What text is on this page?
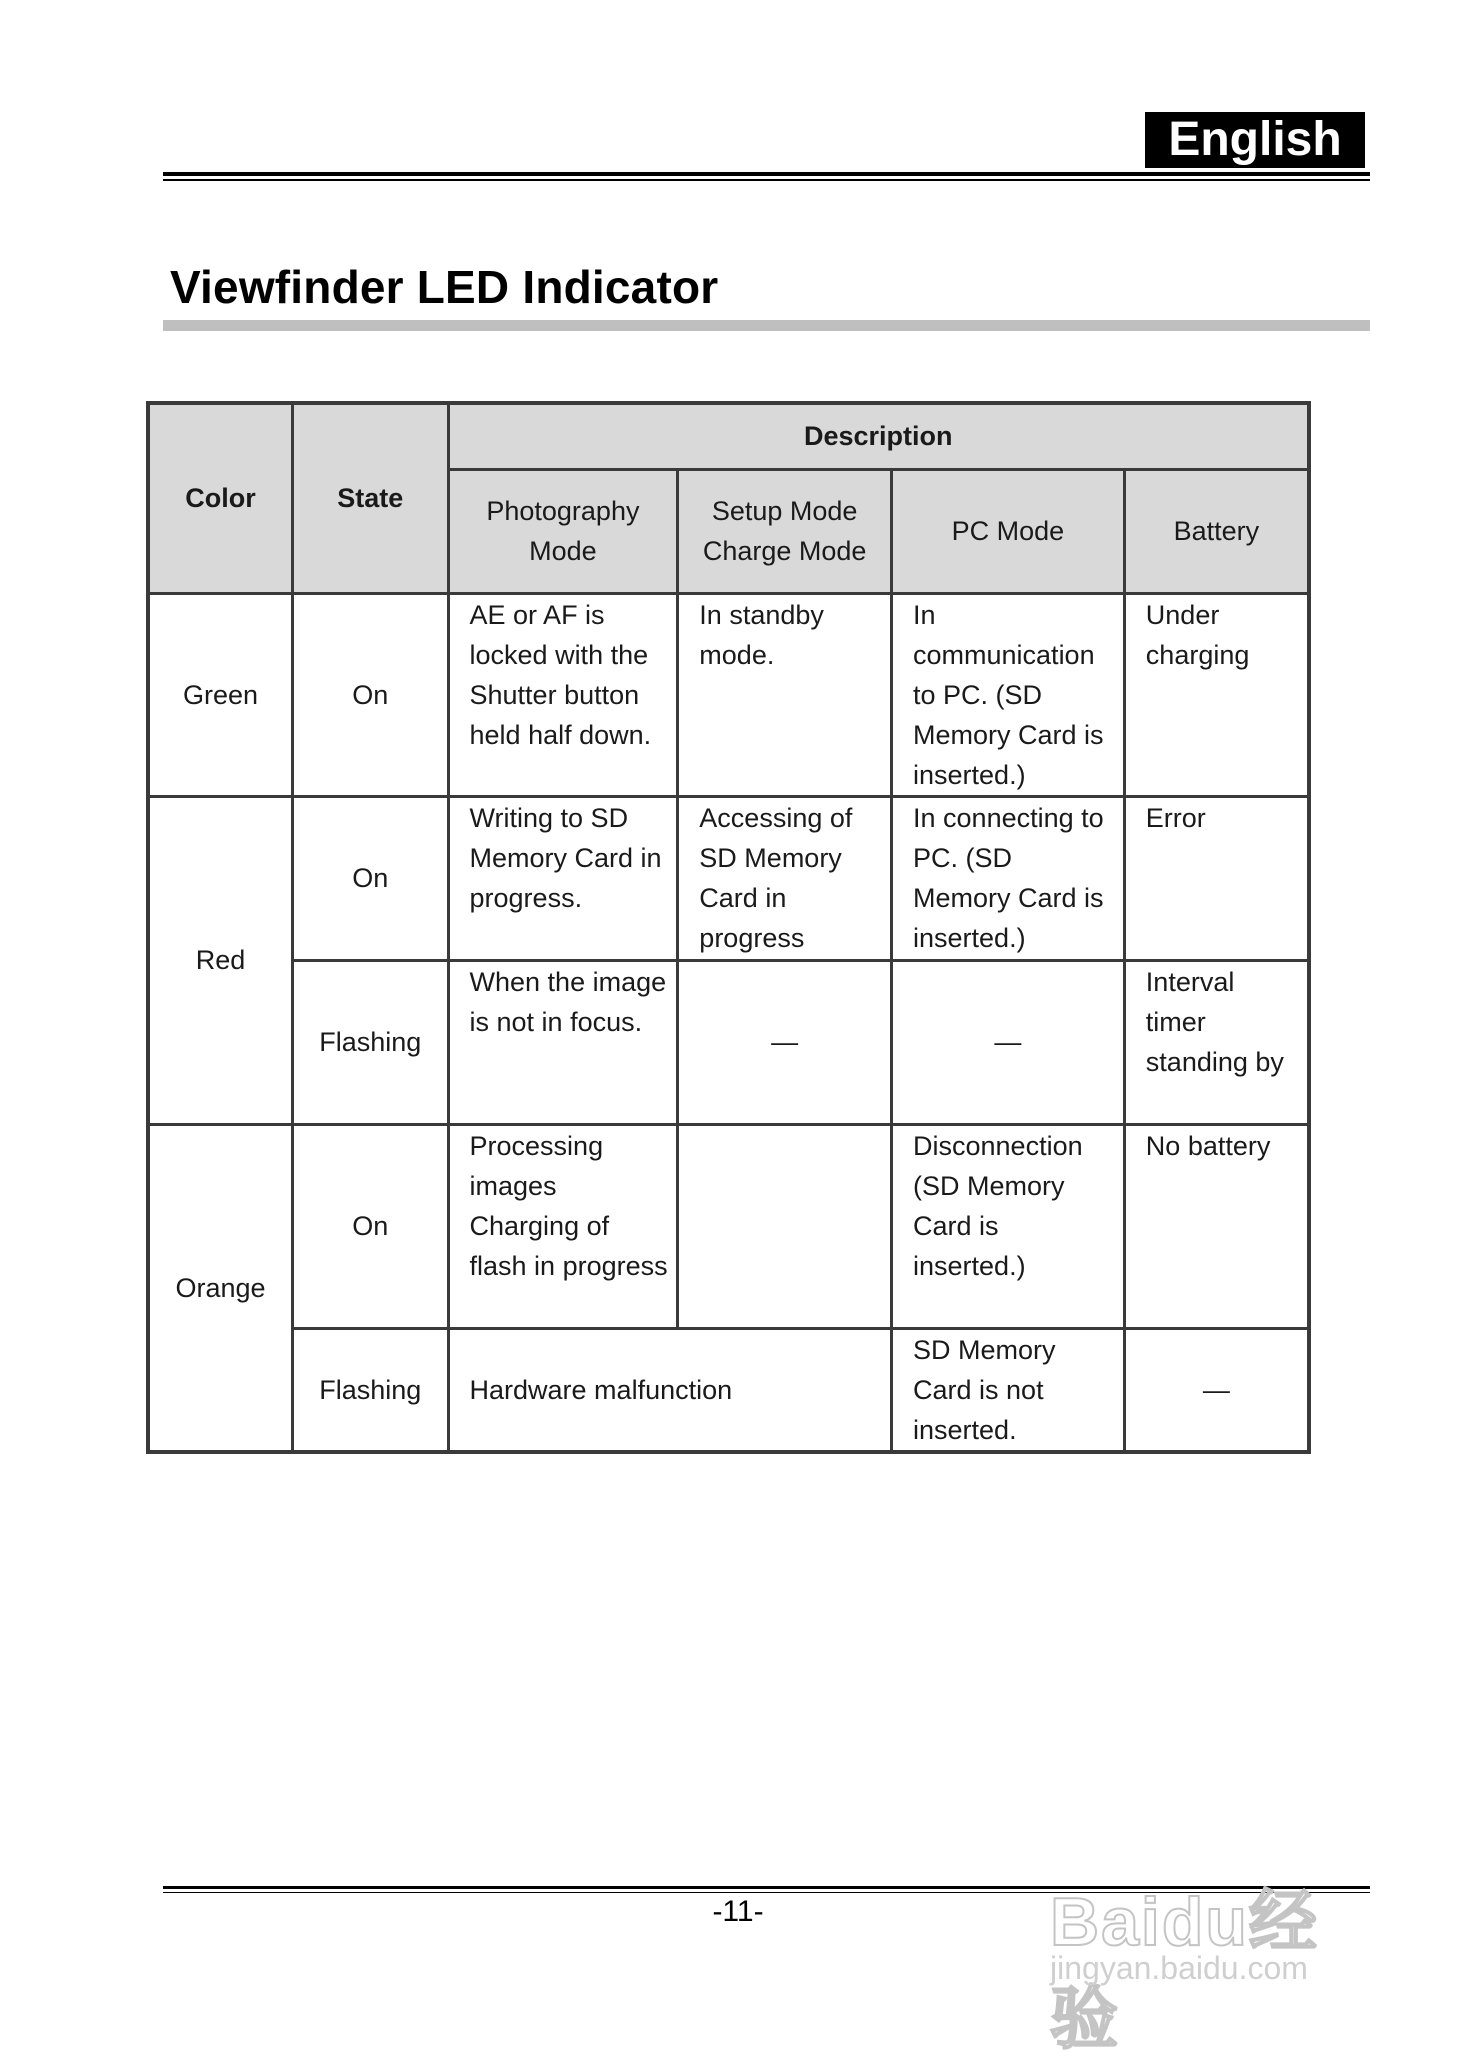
English
Viewfinder LED Indicator
Color	State	Description			
		Photography Mode	Setup Mode Charge Mode	PC Mode	Battery
Green	On	AE or AF is locked with the Shutter button held half down.	In standby mode.	In communication to PC. (SD Memory Card is inserted.)	Under charging
Red	On	Writing to SD Memory Card in progress.	Accessing of SD Memory Card in progress	In connecting to PC. (SD Memory Card is inserted.)	Error
	Flashing	When the image is not in focus.	—	—	Interval timer standing by
Orange	On	Processing images Charging of flash in progress		Disconnection (SD Memory Card is inserted.)	No battery
	Flashing	Hardware malfunction		SD Memory Card is not inserted.	—
-11-	Baidu经验
jingyan.baidu.com
